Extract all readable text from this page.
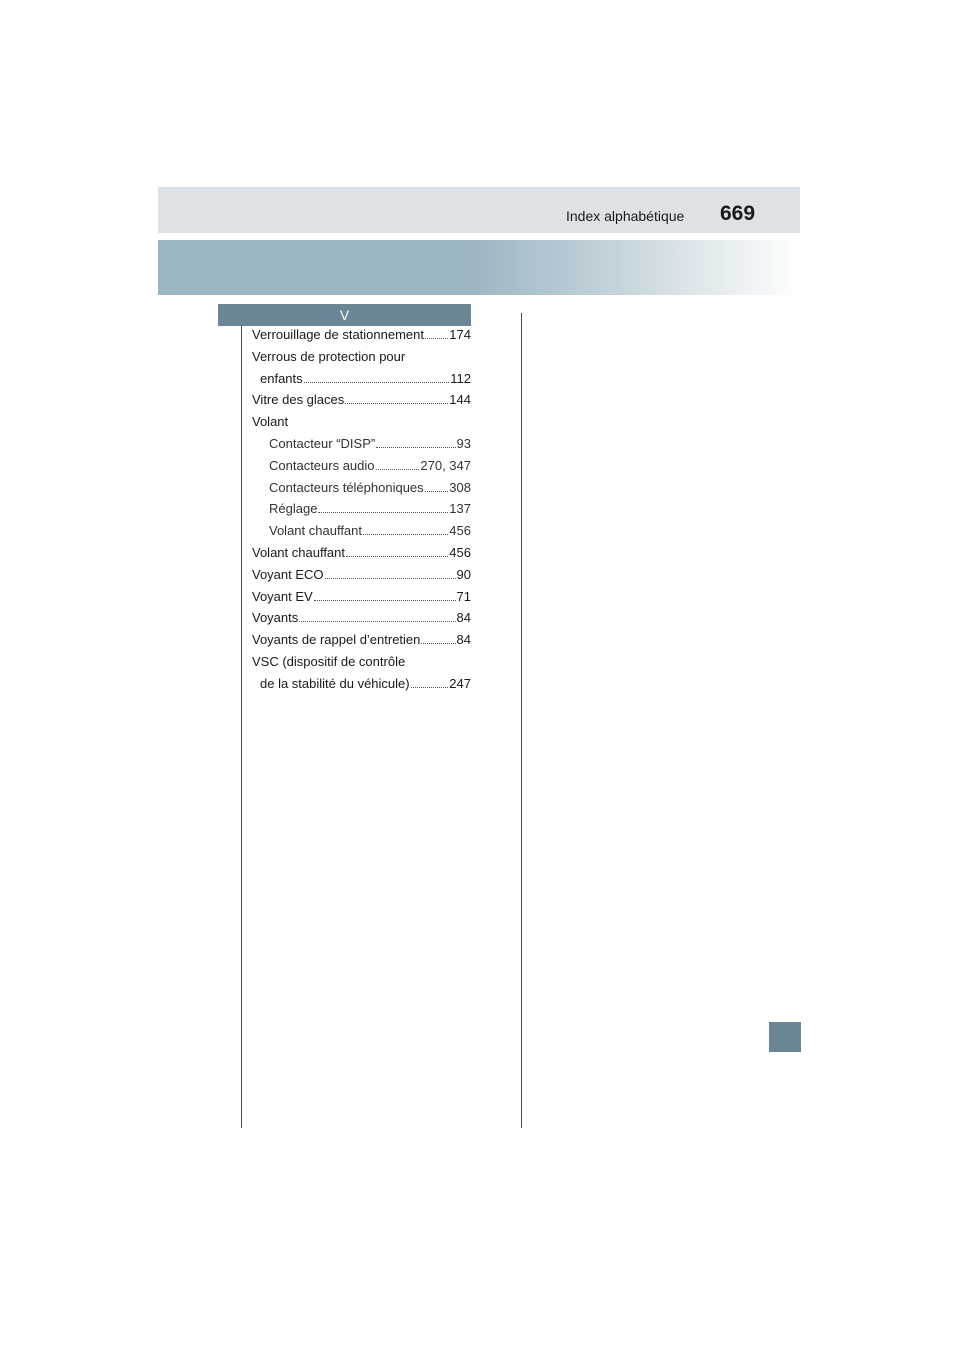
Index alphabétique 669
V
Verrouillage de stationnement 174
Verrous de protection pour
enfants	112
Vitre des glaces	144
Volant
Contacteur “DISP”	93
Contacteurs audio	270, 347
Contacteurs téléphoniques 308
Réglage	137
Volant chauffant	456
Volant chauffant	456
Voyant ECO	90
Voyant EV	71
Voyants	84
Voyants de rappel d’entretien	84
VSC (dispositif de contrôle
de la stabilité du véhicule)	247
